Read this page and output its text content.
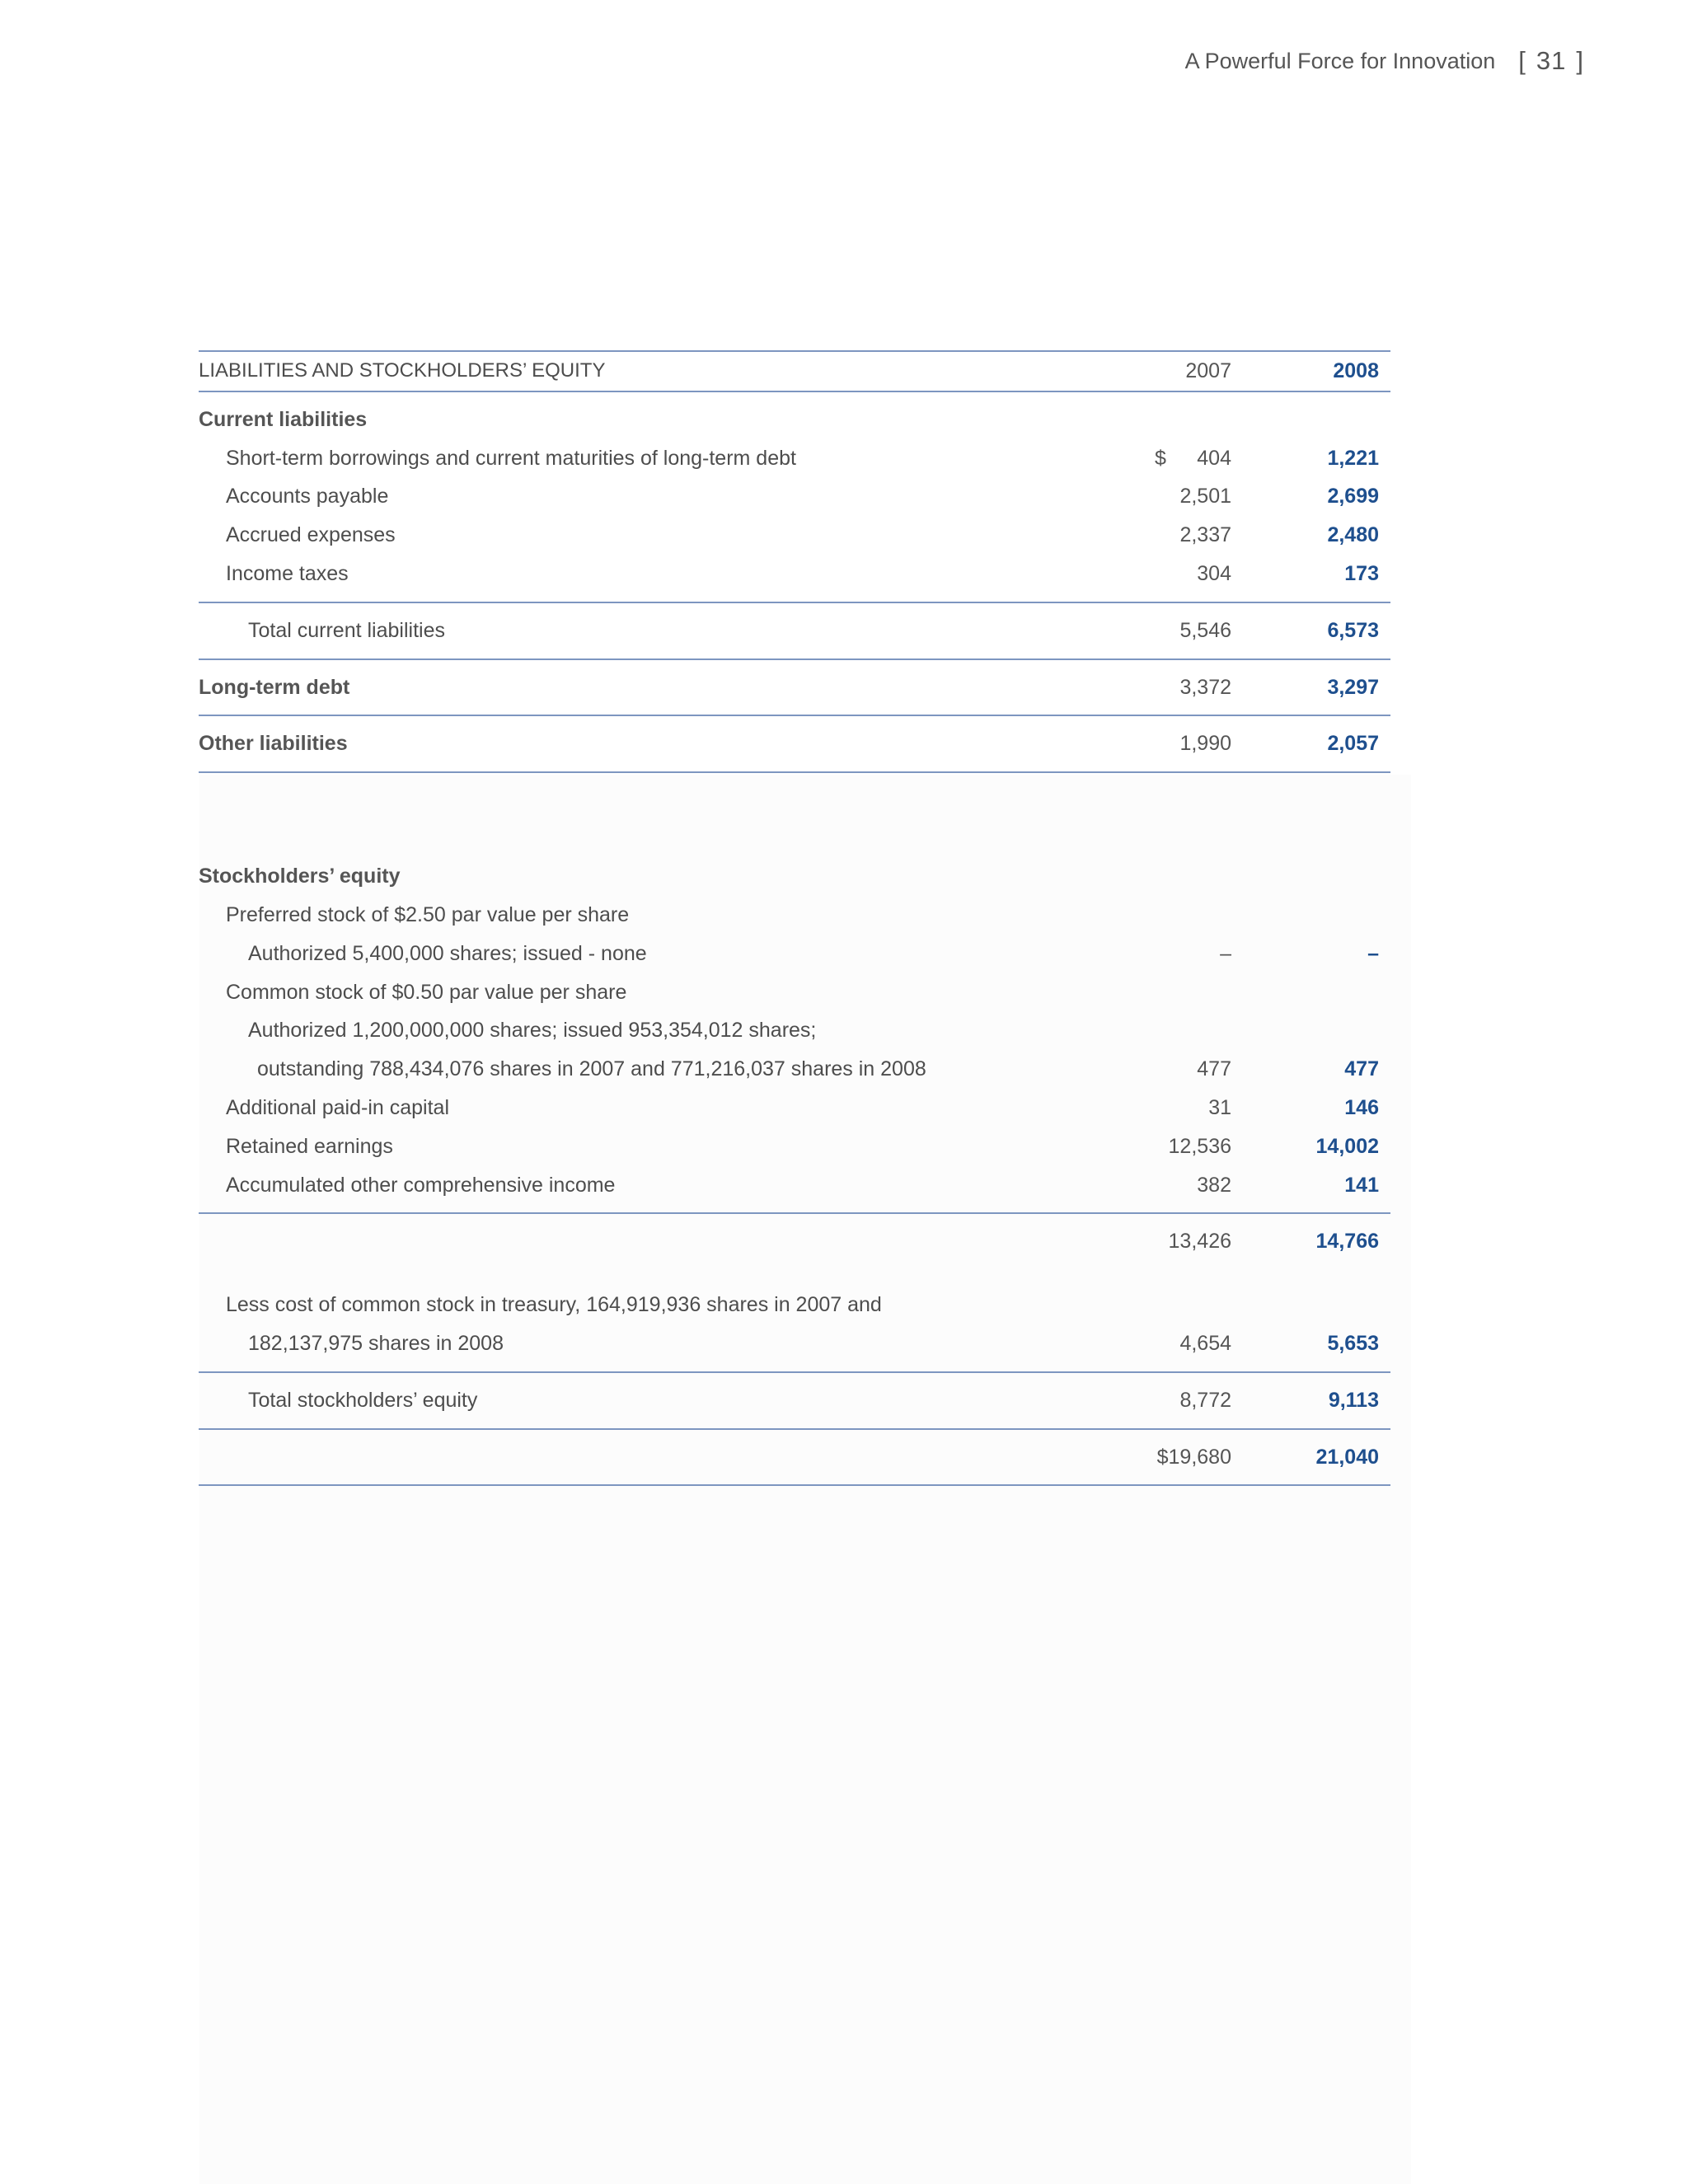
A Powerful Force for Innovation [ 31 ]
LIABILITIES AND STOCKHOLDERS’ EQUITY	2007	2008
Current liabilities
Short-term borrowings and current maturities of long-term debt	$ 404	1,221
Accounts payable	2,501	2,699
Accrued expenses	2,337	2,480
Income taxes	304	173
Total current liabilities	5,546	6,573
Long-term debt	3,372	3,297
Other liabilities	1,990	2,057
Stockholders’ equity
Preferred stock of $2.50 par value per share
Authorized 5,400,000 shares; issued - none	–	–
Common stock of $0.50 par value per share
Authorized 1,200,000,000 shares; issued 953,354,012 shares;
outstanding 788,434,076 shares in 2007 and 771,216,037 shares in 2008	477	477
Additional paid-in capital	31	146
Retained earnings	12,536	14,002
Accumulated other comprehensive income	382	141
13,426	14,766
Less cost of common stock in treasury, 164,919,936 shares in 2007 and
182,137,975 shares in 2008	4,654	5,653
Total stockholders’ equity	8,772	9,113
$19,680	21,040
